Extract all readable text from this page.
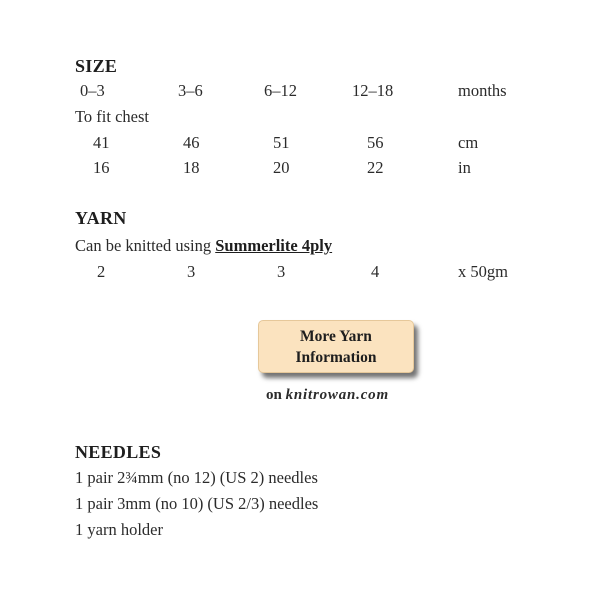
SIZE
0–3	3–6	6–12	12–18	months
To fit chest
41	46	51	56	cm
16	18	20	22	in
YARN
Can be knitted using Summerlite 4ply
2	3	3	4	x 50gm
More Yarn
Information
on knitrowan.com
NEEDLES
1 pair 2¾mm (no 12) (US 2) needles
1 pair 3mm (no 10) (US 2/3) needles
1 yarn holder
